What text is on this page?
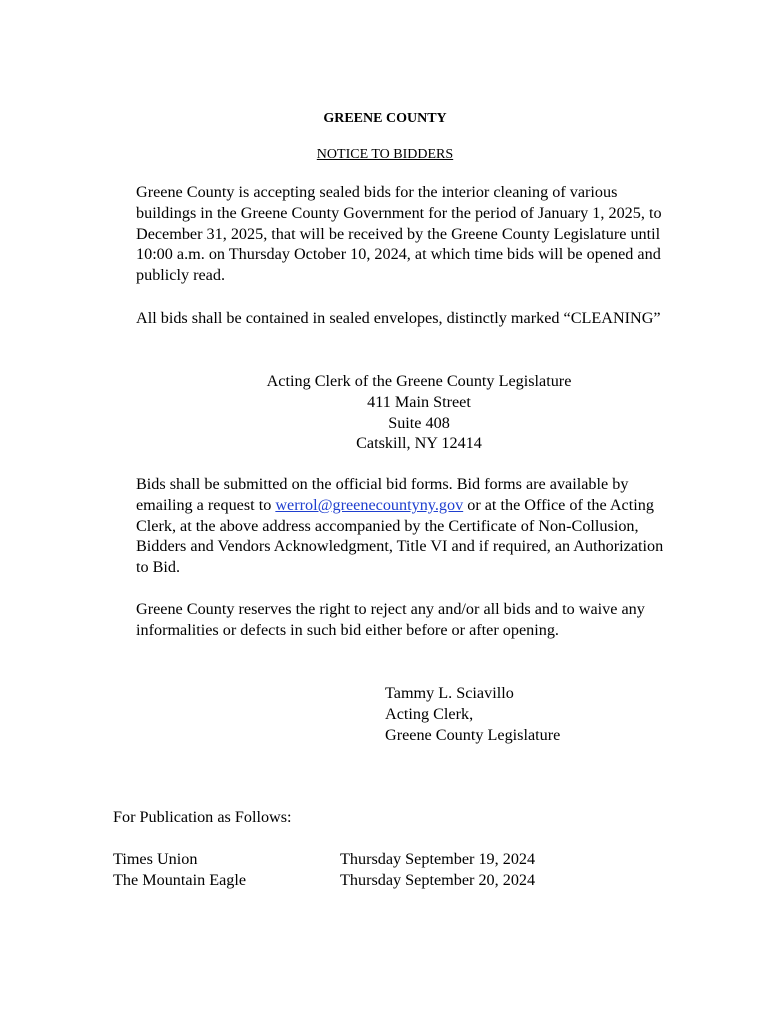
GREENE COUNTY
NOTICE TO BIDDERS

Greene County is accepting sealed bids for the interior cleaning of various buildings in the Greene County Government for the period of January 1, 2025, to December 31, 2025, that will be received by the Greene County Legislature until 10:00 a.m. on Thursday October 10, 2024, at which time bids will be opened and publicly read.

All bids shall be contained in sealed envelopes, distinctly marked “CLEANING”

Acting Clerk of the Greene County Legislature
411 Main Street
Suite 408
Catskill, NY 12414

Bids shall be submitted on the official bid forms. Bid forms are available by emailing a request to werrol@greenecountyny.gov or at the Office of the Acting Clerk, at the above address accompanied by the Certificate of Non-Collusion, Bidders and Vendors Acknowledgment, Title VI and if required, an Authorization to Bid.

Greene County reserves the right to reject any and/or all bids and to waive any informalities or defects in such bid either before or after opening.

Tammy L. Sciavillo
Acting Clerk,
Greene County Legislature
For Publication as Follows:
Times Union	Thursday September 19, 2024
The Mountain Eagle	Thursday September 20, 2024
